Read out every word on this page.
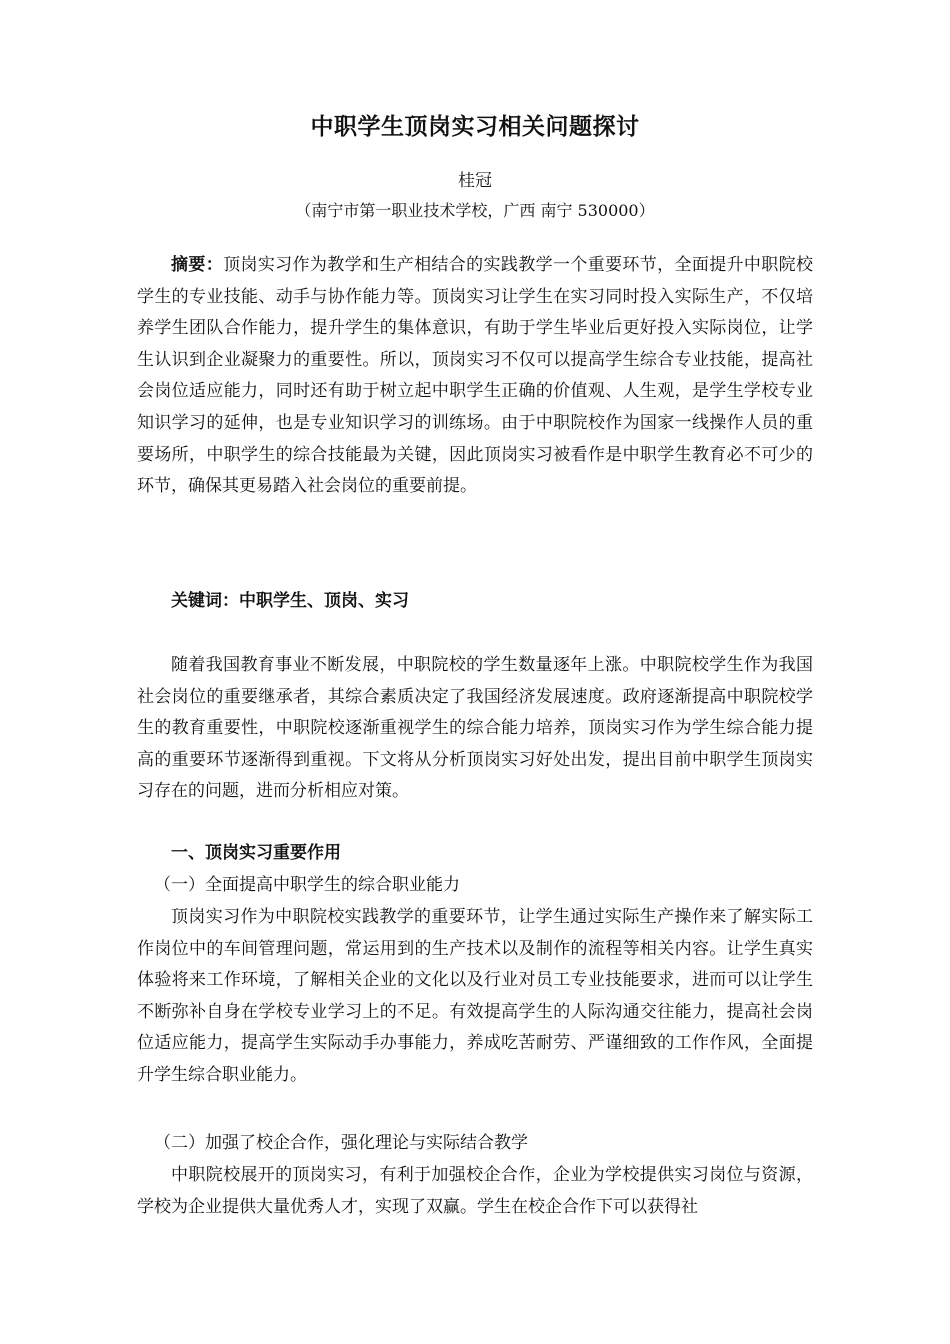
中职学生顶岗实习相关问题探讨
桂冠
（南宁市第一职业技术学校，广西 南宁 530000）

摘要：顶岗实习作为教学和生产相结合的实践教学一个重要环节，全面提升中职院校学生的专业技能、动手与协作能力等。顶岗实习让学生在实习同时投入实际生产，不仅培养学生团队合作能力，提升学生的集体意识，有助于学生毕业后更好投入实际岗位，让学生认识到企业凝聚力的重要性。所以，顶岗实习不仅可以提高学生综合专业技能，提高社会岗位适应能力，同时还有助于树立起中职学生正确的价值观、人生观，是学生学校专业知识学习的延伸，也是专业知识学习的训练场。由于中职院校作为国家一线操作人员的重要场所，中职学生的综合技能最为关键，因此顶岗实习被看作是中职学生教育必不可少的环节，确保其更易踏入社会岗位的重要前提。

关键词：中职学生、顶岗、实习

随着我国教育事业不断发展，中职院校的学生数量逐年上涨。中职院校学生作为我国社会岗位的重要继承者，其综合素质决定了我国经济发展速度。政府逐渐提高中职院校学生的教育重要性，中职院校逐渐重视学生的综合能力培养，顶岗实习作为学生综合能力提高的重要环节逐渐得到重视。下文将从分析顶岗实习好处出发，提出目前中职学生顶岗实习存在的问题，进而分析相应对策。

一、顶岗实习重要作用
（一）全面提高中职学生的综合职业能力

顶岗实习作为中职院校实践教学的重要环节，让学生通过实际生产操作来了解实际工作岗位中的车间管理问题，常运用到的生产技术以及制作的流程等相关内容。让学生真实体验将来工作环境，了解相关企业的文化以及行业对员工专业技能要求，进而可以让学生不断弥补自身在学校专业学习上的不足。有效提高学生的人际沟通交往能力，提高社会岗位适应能力，提高学生实际动手办事能力，养成吃苦耐劳、严谨细致的工作作风，全面提升学生综合职业能力。

（二）加强了校企合作，强化理论与实际结合教学

中职院校展开的顶岗实习，有利于加强校企合作，企业为学校提供实习岗位与资源，学校为企业提供大量优秀人才，实现了双赢。学生在校企合作下可以获得社
